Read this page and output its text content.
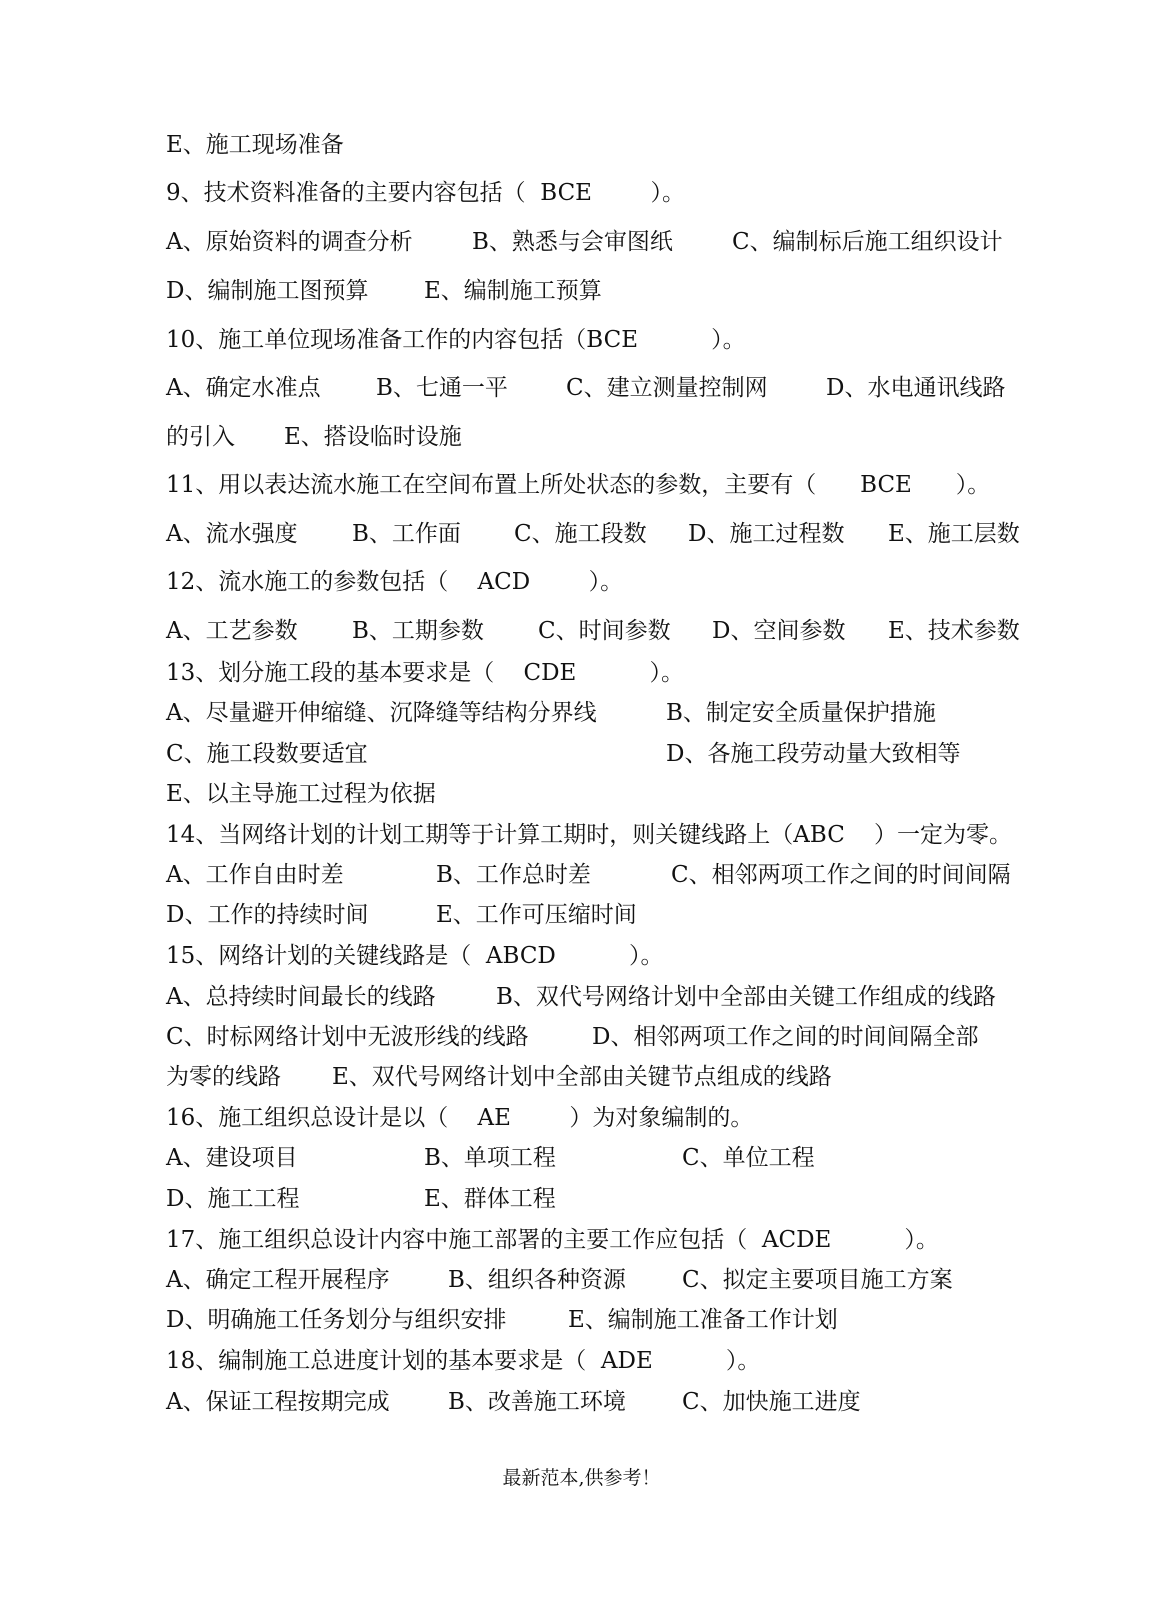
E、施工现场准备
9、技术资料准备的主要内容包括（  BCE        ）。

A、原始资料的调查分析

	B、熟悉与会审图纸

	C、编制标后施工组织设计

D、编制施工图预算

E、编制施工预算

10、施工单位现场准备工作的内容包括（BCE          ）。

A、确定水准点

B、七通一平

	C、建立测量控制网

	D、水电通讯线路

的引入

E、搭设临时设施

11、用以表达流水施工在空间布置上所处状态的参数，主要有（      BCE      ）。

A、流水强度

B、工作面

C、施工段数

D、施工过程数

E、施工层数

12、流水施工的参数包括（    ACD        ）。

A、工艺参数

B、工期参数

C、时间参数

D、空间参数

E、技术参数

13、划分施工段的基本要求是（    CDE          ）。

A、尽量避开伸缩缝、沉降缝等结构分界线

	B、制定安全质量保护措施

C、施工段数要适宜

	D、各施工段劳动量大致相等

E、以主导施工过程为依据
14、当网络计划的计划工期等于计算工期时，则关键线路上（ABC    ）一定为零。

A、工作自由时差

	B、工作总时差

	C、相邻两项工作之间的时间间隔

D、工作的持续时间

	E、工作可压缩时间

15、网络计划的关键线路是（  ABCD          ）。

A、总持续时间最长的线路

	B、双代号网络计划中全部由关键工作组成的线路

C、时标网络计划中无波形线的线路

	D、相邻两项工作之间的时间间隔全部

为零的线路

E、双代号网络计划中全部由关键节点组成的线路

16、施工组织总设计是以（    AE        ）为对象编制的。

A、建设项目

	B、单项工程

	C、单位工程

D、施工工程

	E、群体工程

17、施工组织总设计内容中施工部署的主要工作应包括（  ACDE          ）。

A、确定工程开展程序

	B、组织各种资源

C、拟定主要项目施工方案

D、明确施工任务划分与组织安排

	E、编制施工准备工作计划

18、编制施工总进度计划的基本要求是（  ADE          ）。

A、保证工程按期完成

	B、改善施工环境

C、加快施工进度

最新范本,供参考！
